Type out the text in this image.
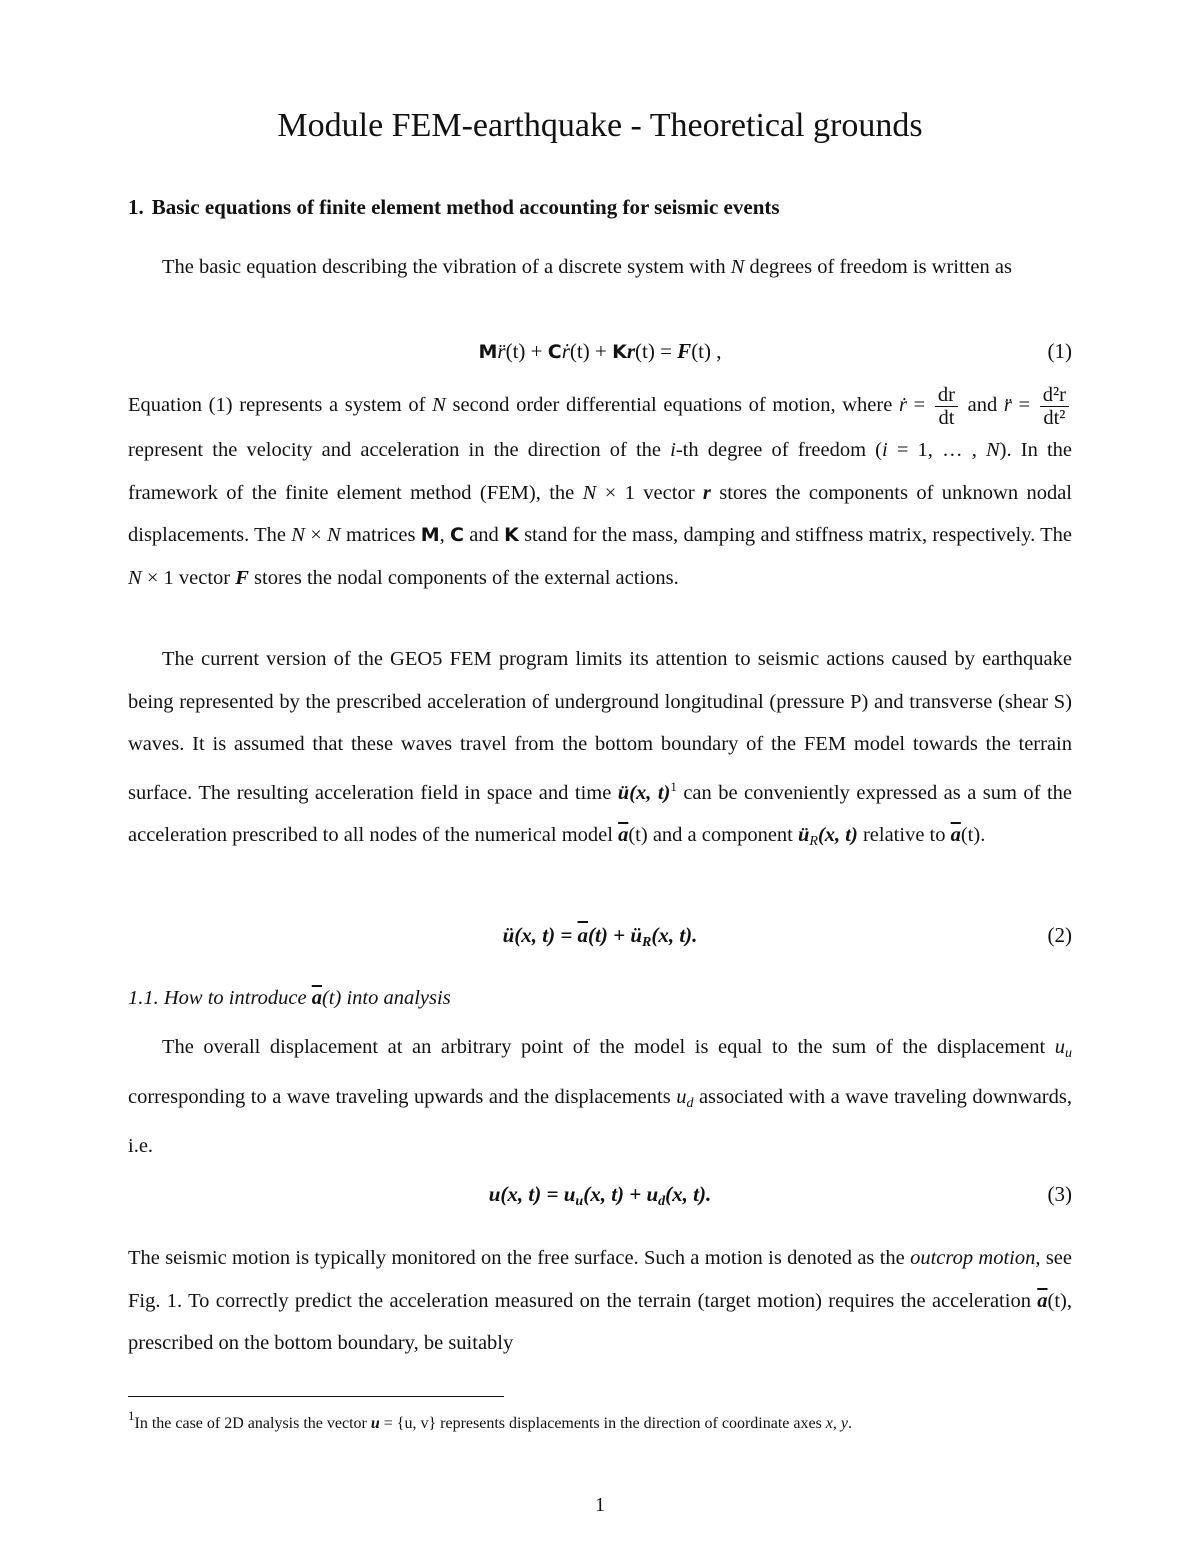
Module FEM-earthquake - Theoretical grounds
1. Basic equations of finite element method accounting for seismic events

The basic equation describing the vibration of a discrete system with N degrees of freedom is written as

Mr̈(t) + Cṙ(t) + Kr(t) = F(t) ,	(1)

Equation (1) represents a system of N second order differential equations of motion, where ṙ = $\frac{dr}{dt}$ and r̈ = $\frac{\text{d²r}}{\text{dt²}}$
represent the velocity and acceleration in the direction of the i-th degree of freedom (i = 1, … , N). In the framework of the finite element method (FEM), the N × 1 vector r stores the components of unknown nodal displacements. The N × N matrices M, C and K stand for the mass, damping and stiffness matrix, respectively. The N × 1 vector F stores the nodal components of the external actions.

The current version of the GEO5 FEM program limits its attention to seismic actions caused by earthquake being represented by the prescribed acceleration of underground longitudinal (pressure P) and transverse (shear S) waves. It is assumed that these waves travel from the bottom boundary of the FEM model towards the terrain surface. The resulting acceleration field in space and time ü(x, t)$^1$ can be conveniently expressed as a sum of the acceleration prescribed to all nodes of the numerical model $\overline{a}(t)$ and a component $ü_R(x$, t) relative to $\overline{a}(t)$.

ü(x, $t) = \overline{a}(t)$ + $ü_R(x$, t).	(2)
1.1. How to introduce $\overline{a}(t)$ into analysis

The overall displacement at an arbitrary point of the model is equal to the sum of the displacement $u_u$ corresponding to a wave traveling upwards and the displacements $u_d$ associated with a wave traveling downwards, i.e.

u(x, $t) = u_u(x$, $t) + u_d(x$, t).	(3)

The seismic motion is typically monitored on the free surface. Such a motion is denoted as the outcrop motion, see Fig. 1. To correctly predict the acceleration measured on the terrain (target motion) requires the acceleration $\overline{a}(t)$, prescribed on the bottom boundary, be suitably

$^1$In the case of 2D analysis the vector u = {u, v} represents displacements in the direction of coordinate axes x, y.

1
